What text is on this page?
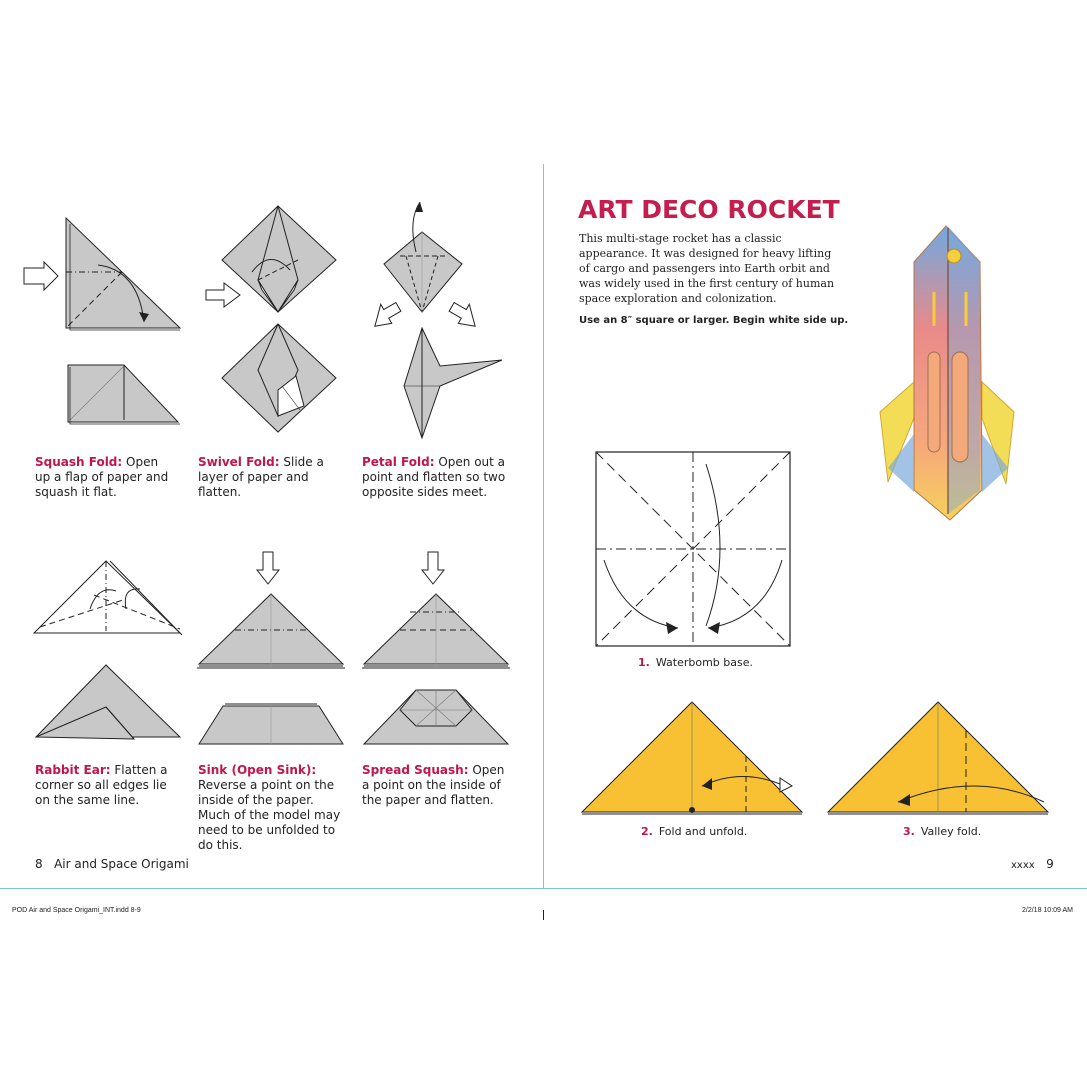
Squash Fold: Open up a flap of paper and squash it flat.
Swivel Fold: Slide a layer of paper and flatten.
Petal Fold: Open out a point and flatten so two opposite sides meet.
Rabbit Ear: Flatten a corner so all edges lie on the same line.
Sink (Open Sink): Reverse a point on the inside of the paper. Much of the model may need to be unfolded to do this.
Spread Squash: Open a point on the inside of the paper and flatten.
8 Air and Space Origami
ART DECO ROCKET
This multi-stage rocket has a classic appearance. It was designed for heavy lifting of cargo and passengers into Earth orbit and was widely used in the first century of human space exploration and colonization.
Use an 8″ square or larger. Begin white side up.
1. Waterbomb base.
2. Fold and unfold.	3. Valley fold.
xxxx 9
POD Air and Space Origami_INT.indd 8-9	2/2/18 10:09 AM
